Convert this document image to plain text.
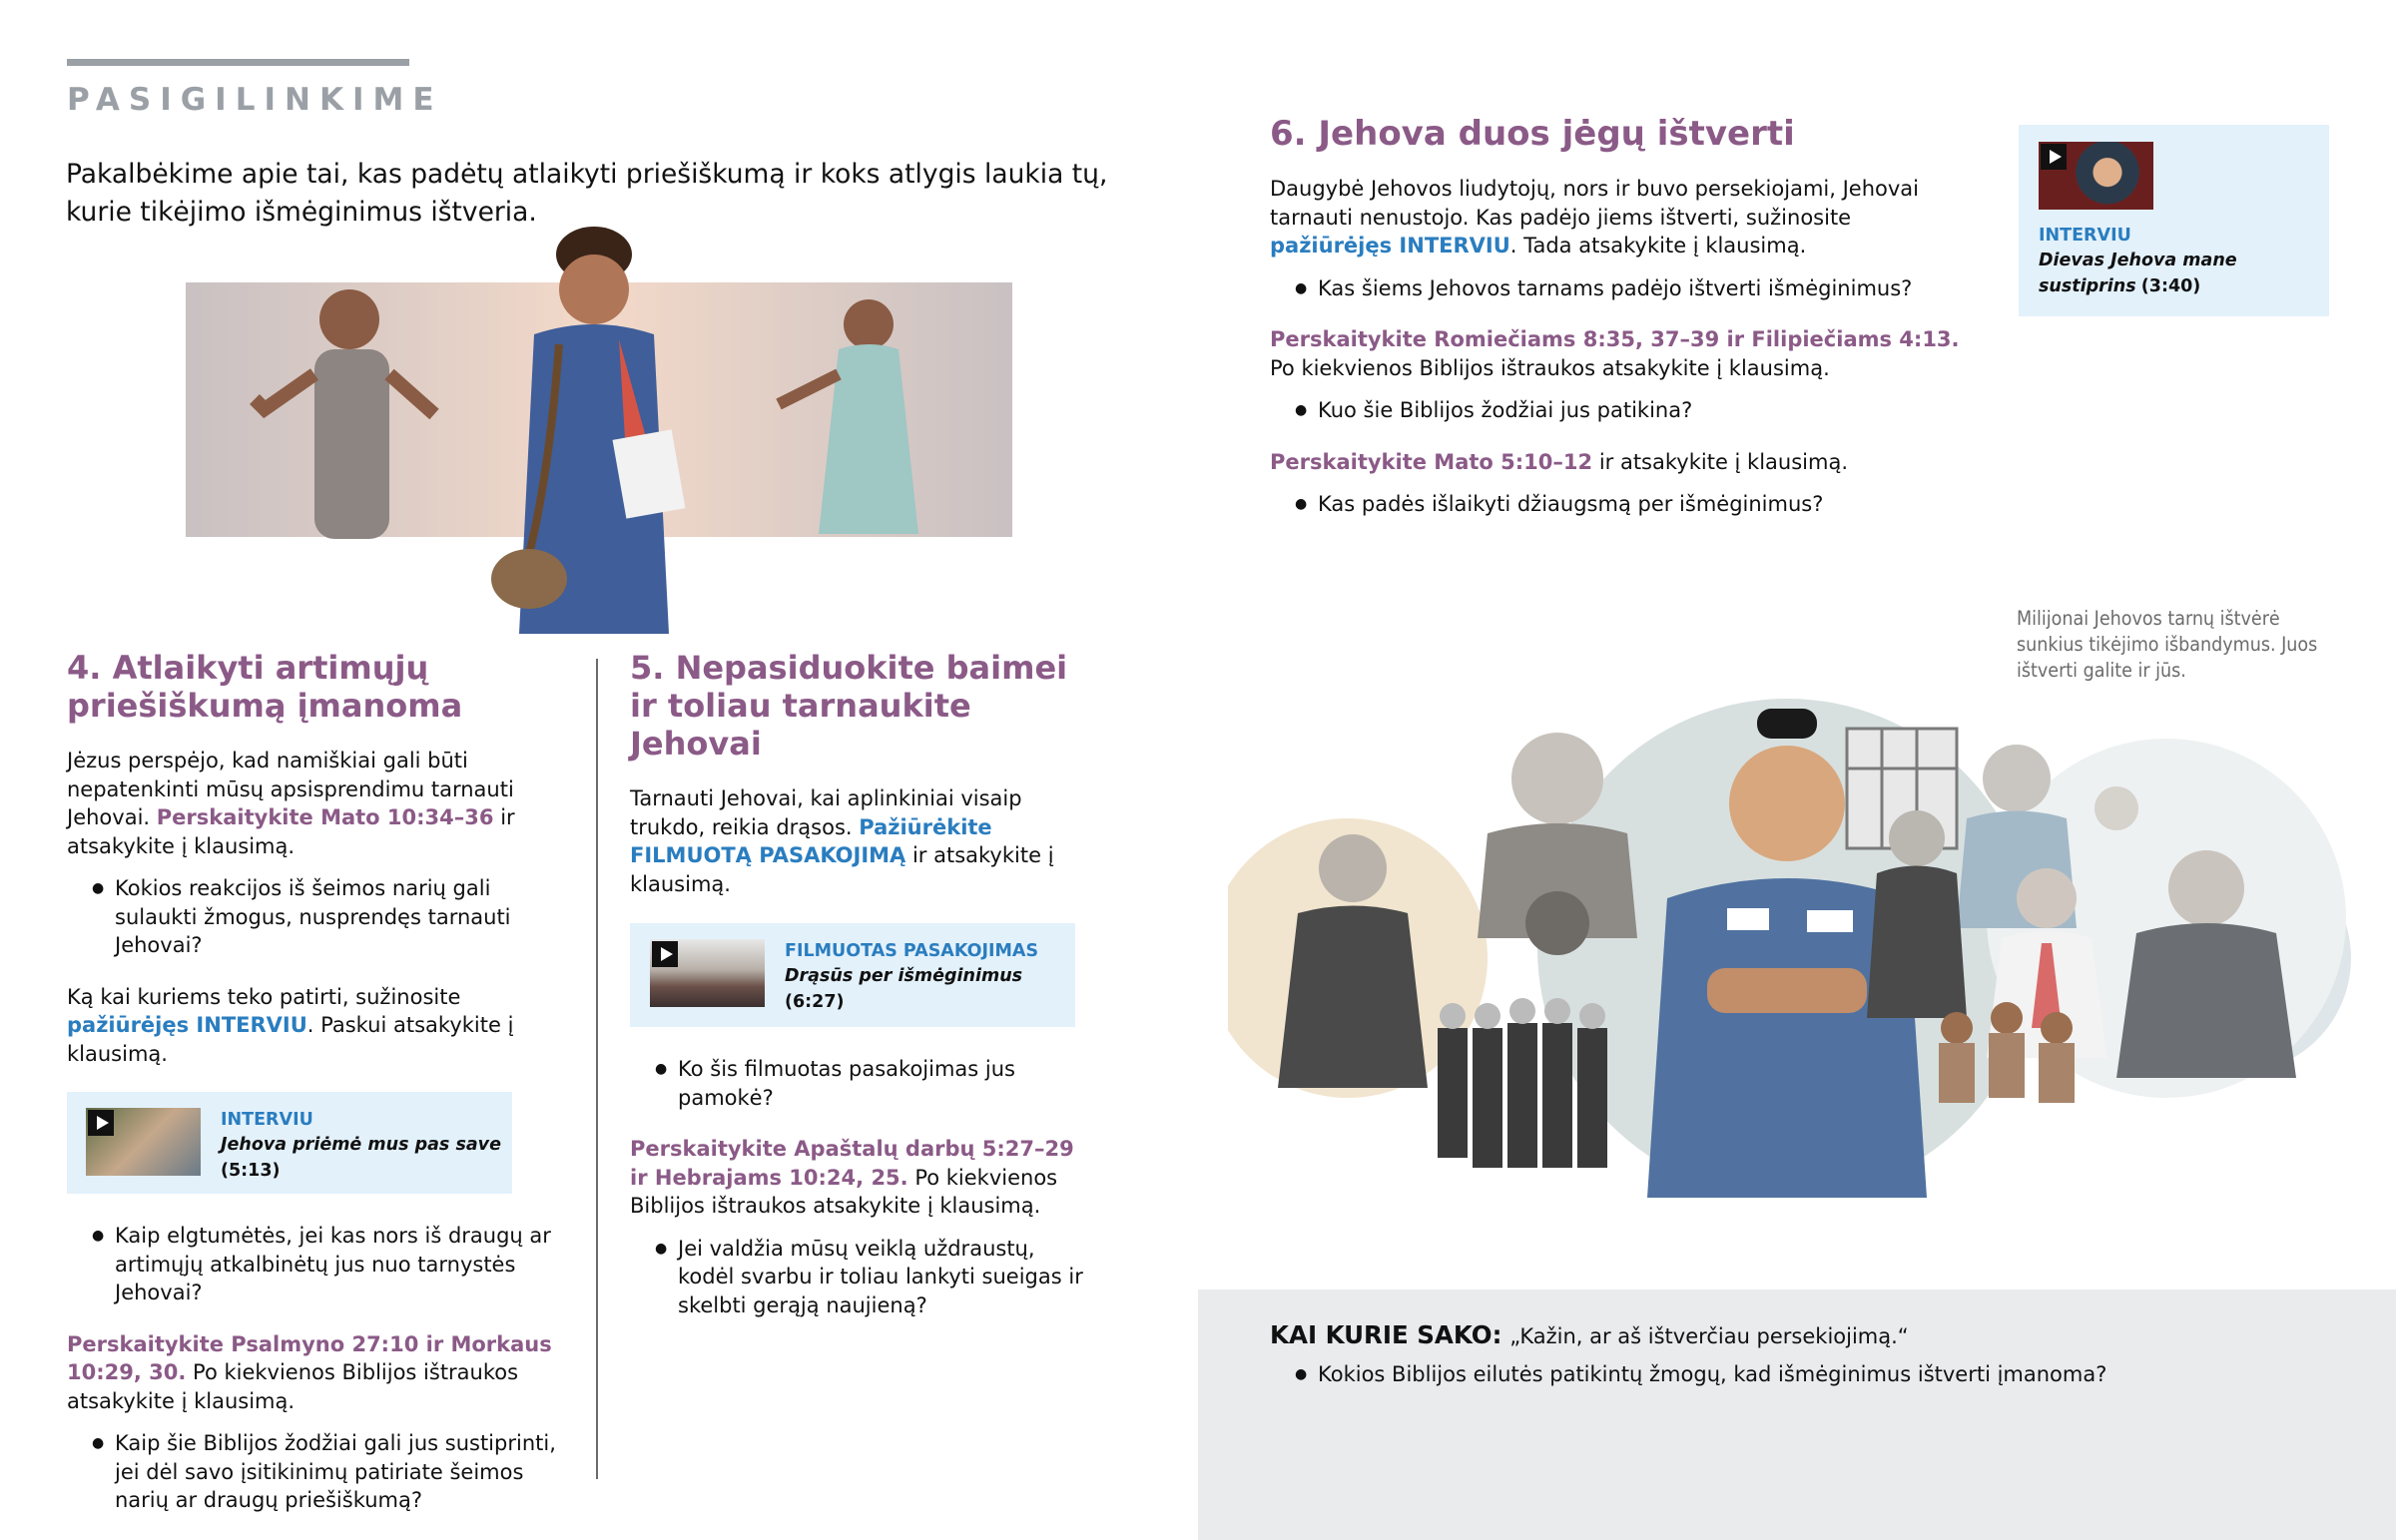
PASIGILINKIME
Pakalbėkime apie tai, kas padėtų atlaikyti priešiškumą ir koks atlygis laukia tų, kurie tikėjimo išmėginimus ištveria.
4. Atlaikyti artimųjų
priešiškumą įmanoma
Jėzus perspėjo, kad namiškiai gali būti nepatenkinti mūsų apsisprendimu tarnauti Jehovai. Perskaitykite Mato 10:34–36 ir atsakykite į klausimą.
● Kokios reakcijos iš šeimos narių gali sulaukti žmogus, nusprendęs tarnauti Jehovai?
Ką kai kuriems teko patirti, sužinosite pažiūrėjęs INTERVIU. Paskui atsakykite į klausimą.
INTERVIU
Jehova priėmė mus pas save
(5:13)
● Kaip elgtumėtės, jei kas nors iš draugų ar artimųjų atkalbinėtų jus nuo tarnystės Jehovai?
Perskaitykite Psalmyno 27:10 ir Morkaus 10:29, 30. Po kiekvienos Biblijos ištraukos atsakykite į klausimą.
● Kaip šie Biblijos žodžiai gali jus sustiprinti, jei dėl savo įsitikinimų patiriate šeimos narių ar draugų priešiškumą?
5. Nepasiduokite baimei
ir toliau tarnaukite Jehovai
Tarnauti Jehovai, kai aplinkiniai visaip trukdo, reikia drąsos. Pažiūrėkite FILMUOTĄ PASAKOJIMĄ ir atsakykite į klausimą.
FILMUOTAS PASAKOJIMAS
Drąsūs per išmėginimus
(6:27)
● Ko šis filmuotas pasakojimas jus pamokė?
Perskaitykite Apaštalų darbų 5:27–29 ir Hebrajams 10:24, 25. Po kiekvienos Biblijos ištraukos atsakykite į klausimą.
● Jei valdžia mūsų veiklą uždraustų, kodėl svarbu ir toliau lankyti sueigas ir skelbti gerąją naujieną?
6. Jehova duos jėgų ištverti
Daugybė Jehovos liudytojų, nors ir buvo persekiojami, Jehovai tarnauti nenustojo. Kas padėjo jiems ištverti, sužinosite pažiūrėjęs INTERVIU. Tada atsakykite į klausimą.
● Kas šiems Jehovos tarnams padėjo ištverti išmėginimus?
Perskaitykite Romiečiams 8:35, 37–39 ir Filipiečiams 4:13. Po kiekvienos Biblijos ištraukos atsakykite į klausimą.
● Kuo šie Biblijos žodžiai jus patikina?
Perskaitykite Mato 5:10–12 ir atsakykite į klausimą.
● Kas padės išlaikyti džiaugsmą per išmėginimus?
INTERVIU
Dievas Jehova mane sustiprins (3:40)
Milijonai Jehovos tarnų ištvėrė sunkius tikėjimo išbandymus. Juos ištverti galite ir jūs.
KAI KURIE SAKO: „Kažin, ar aš ištverčiau persekiojimą.“
● Kokios Biblijos eilutės patikintų žmogų, kad išmėginimus ištverti įmanoma?
